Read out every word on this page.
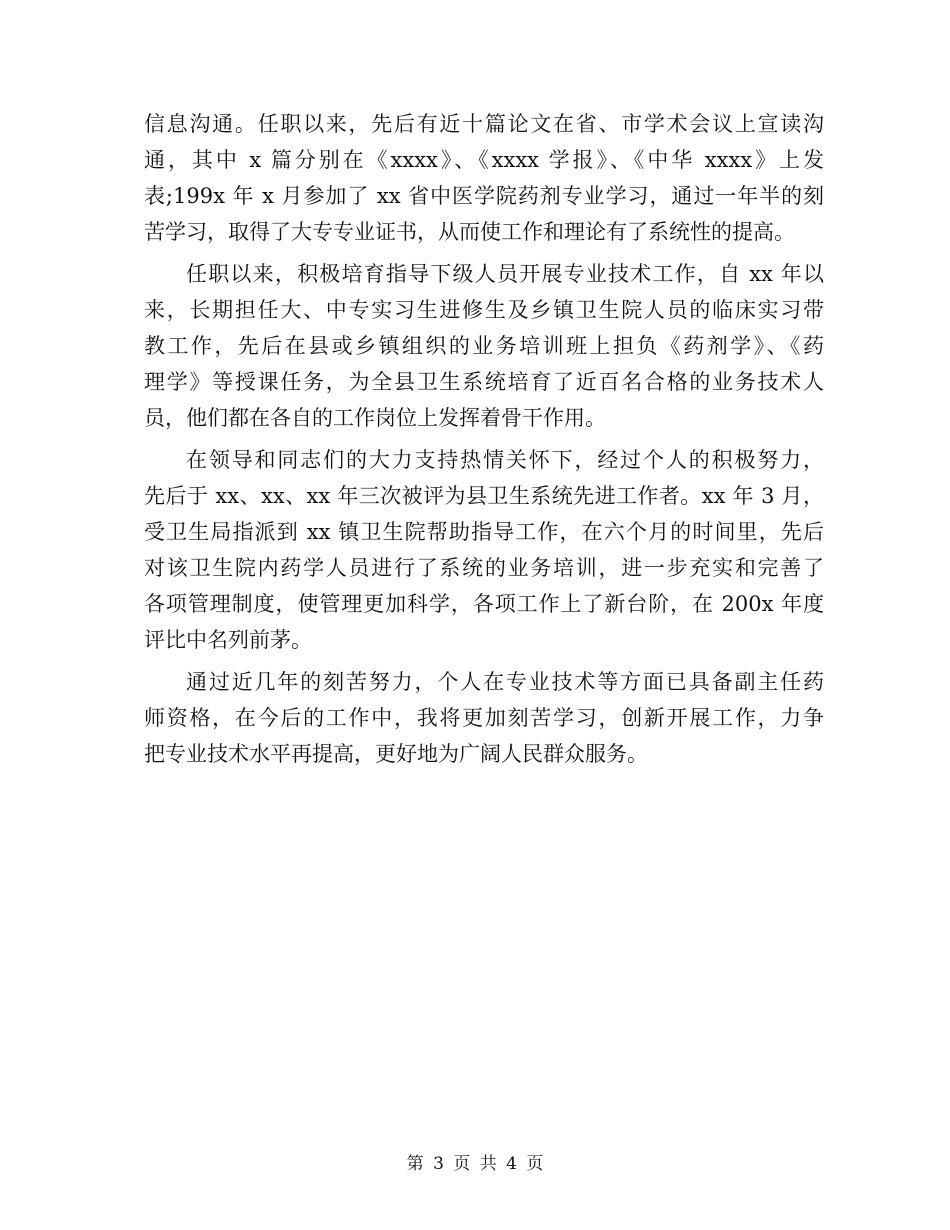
信息沟通。任职以来，先后有近十篇论文在省、市学术会议上宣读沟
通，其中 x 篇分别在《xxxx》、《xxxx 学报》、《中华 xxxx》上发
表;199x 年 x 月参加了 xx 省中医学院药剂专业学习，通过一年半的刻
苦学习，取得了大专专业证书，从而使工作和理论有了系统性的提高。
任职以来，积极培育指导下级人员开展专业技术工作，自 xx 年以
来，长期担任大、中专实习生进修生及乡镇卫生院人员的临床实习带
教工作，先后在县或乡镇组织的业务培训班上担负《药剂学》、《药
理学》等授课任务，为全县卫生系统培育了近百名合格的业务技术人
员，他们都在各自的工作岗位上发挥着骨干作用。
在领导和同志们的大力支持热情关怀下，经过个人的积极努力，
先后于 xx、xx、xx 年三次被评为县卫生系统先进工作者。xx 年 3 月，
受卫生局指派到 xx 镇卫生院帮助指导工作，在六个月的时间里，先后
对该卫生院内药学人员进行了系统的业务培训，进一步充实和完善了
各项管理制度，使管理更加科学，各项工作上了新台阶，在 200x 年度
评比中名列前茅。
通过近几年的刻苦努力，个人在专业技术等方面已具备副主任药
师资格，在今后的工作中，我将更加刻苦学习，创新开展工作，力争
把专业技术水平再提高，更好地为广阔人民群众服务。
第 3 页 共 4 页
